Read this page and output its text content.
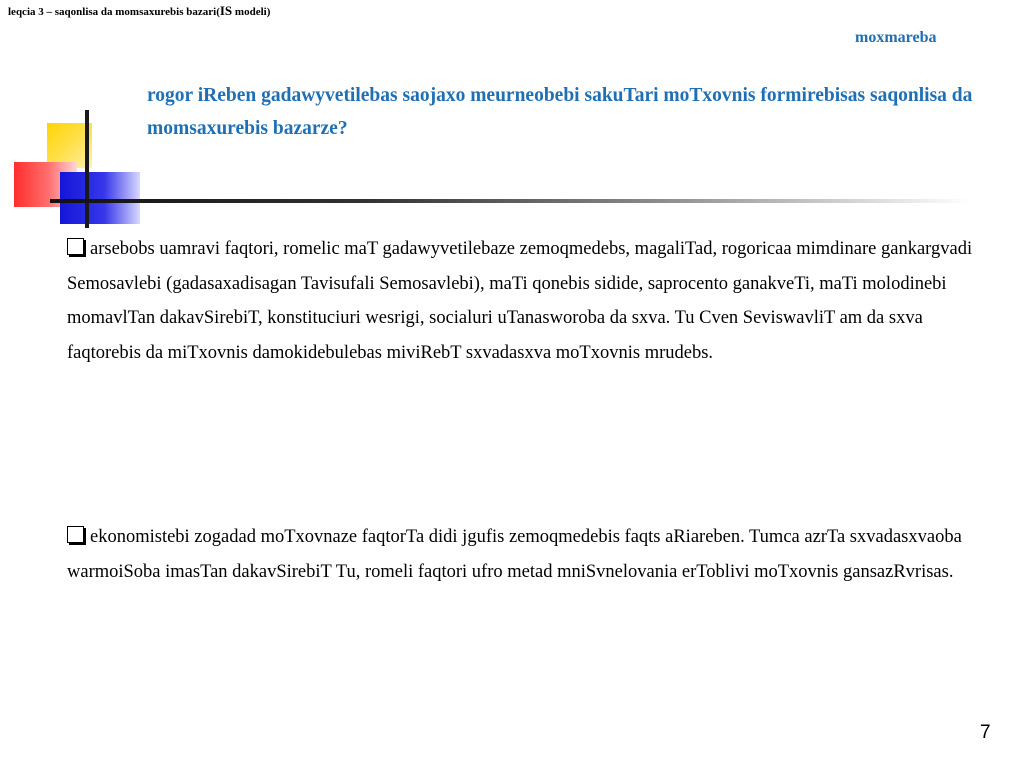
leqcia 3 – saqonlisa da momsaxurebis bazari(IS modeli)
moxmareba
rogor iReben gadawyvetilebas saojaxo meurneobebi sakuTari moTxovnis formirebisas saqonlisa da momsaxurebis bazarze?
arsebobs uamravi faqtori, romelic maT gadawyvetilebaze zemoqmedebs, magaliTad, rogoricaa mimdinare gankargvadi Semosavlebi (gadasaxadisagan Tavisufali Semosavlebi), maTi qonebis sidide, saprocento ganakveTi, maTi molodinebi momavlTan dakavSirebiT, konstituciuri wesrigi, socialuri uTanasworoba da sxva. Tu Cven SeviswavliT am da sxva faqtorebis da miTxovnis damokidebulebas miviRebT sxvadasxva moTxovnis mrudebs.
ekonomistebi zogadad moTxovnaze faqtorTa didi jgufis zemoqmedebis faqts aRiareben. Tumca azrTa sxvadasxvaoba warmoiSoba imasTan dakavSirebiT Tu, romeli faqtori ufro metad mniSvnelovania erToblivi moTxovnis gansazRvrisas.
7
